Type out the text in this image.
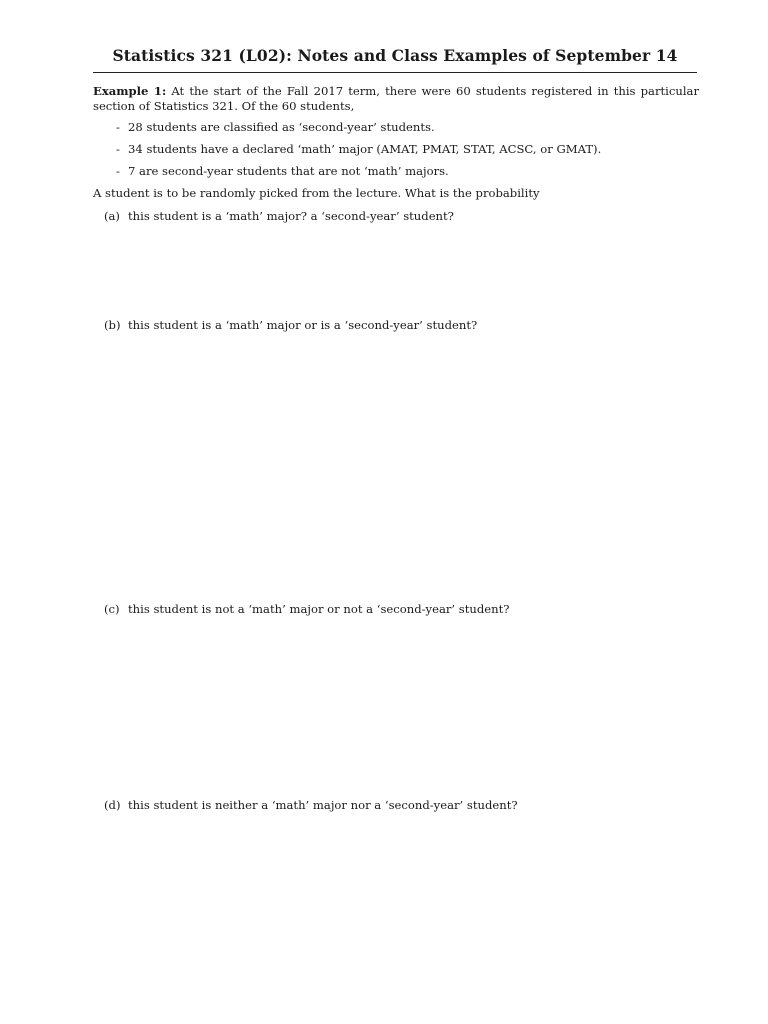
Statistics 321 (L02): Notes and Class Examples of September 14
Example 1: At the start of the Fall 2017 term, there were 60 students registered in this particular section of Statistics 321. Of the 60 students,
- 28 students are classified as ‘second-year’ students.
- 34 students have a declared ‘math’ major (AMAT, PMAT, STAT, ACSC, or GMAT).
- 7 are second-year students that are not ‘math’ majors.
A student is to be randomly picked from the lecture. What is the probability
(a) this student is a ‘math’ major? a ‘second-year’ student?
(b) this student is a ‘math’ major or is a ‘second-year’ student?
(c) this student is not a ‘math’ major or not a ‘second-year’ student?
(d) this student is neither a ‘math’ major nor a ‘second-year’ student?
